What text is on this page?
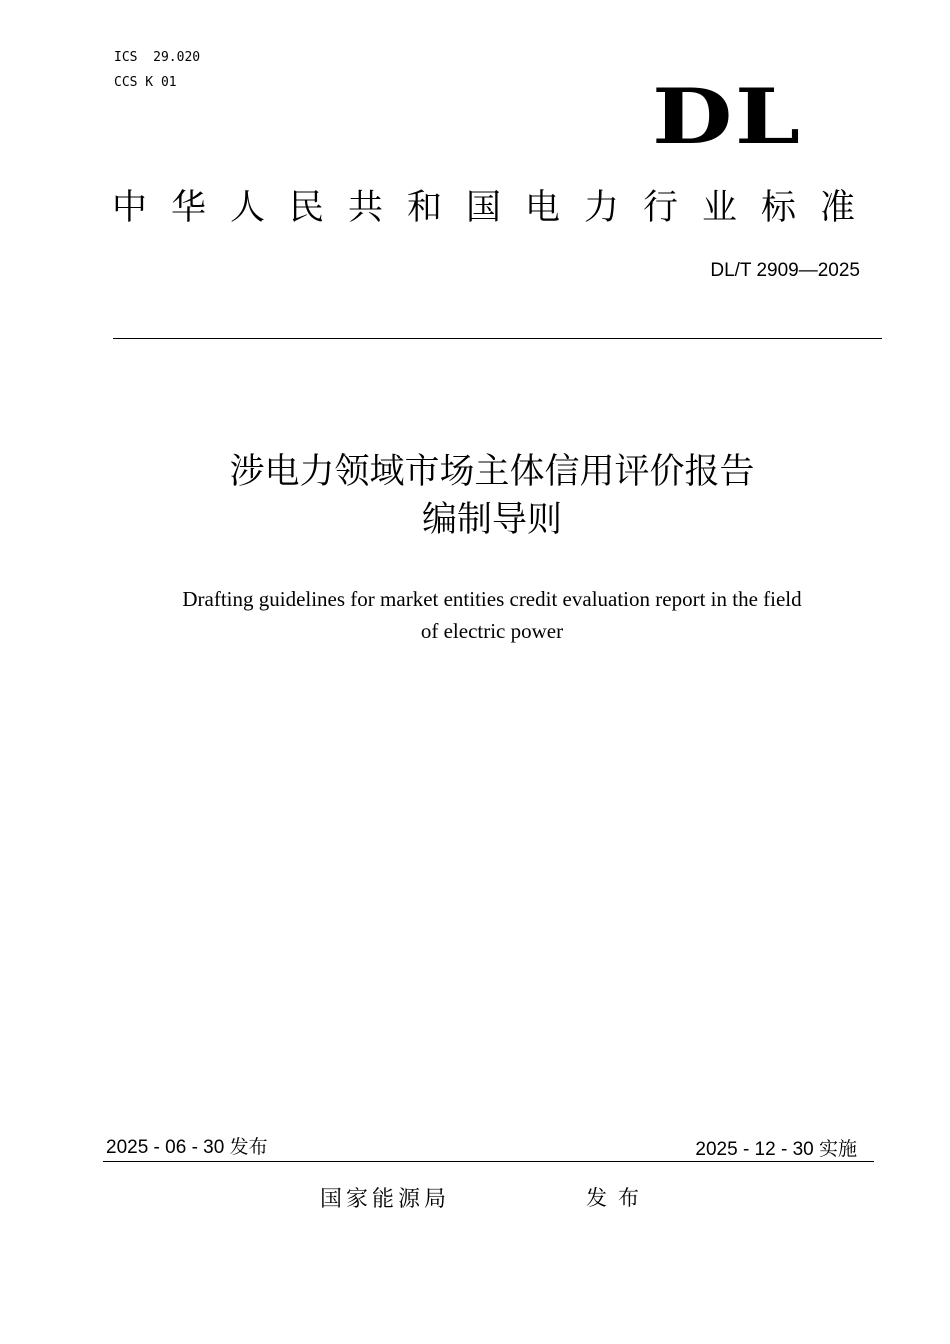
ICS  29.020
CCS K 01	DL
中华人民共和国电力行业标准
DL/T 2909—2025
涉电力领域市场主体信用评价报告
编制导则
Drafting guidelines for market entities credit evaluation report in the field
of electric power
2025 - 06 - 30 发布	2025 - 12 - 30 实施
国家能源局	发布
